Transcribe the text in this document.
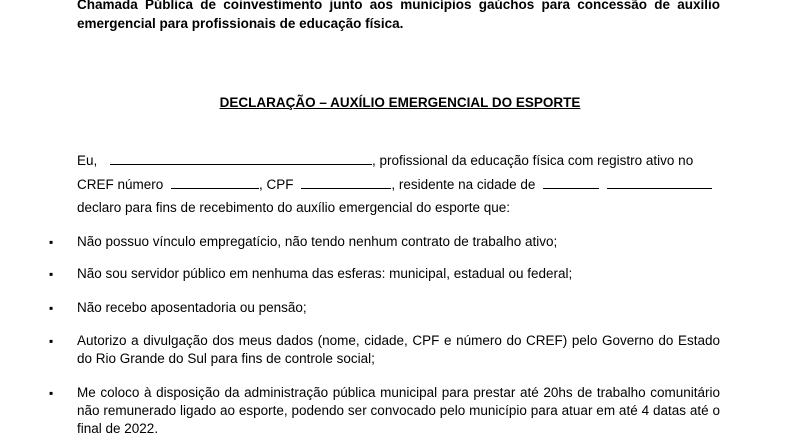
Chamada Pública de coinvestimento junto aos municípios gaúchos para concessão de auxílio emergencial para profissionais de educação física.
DECLARAÇÃO – AUXÍLIO EMERGENCIAL DO ESPORTE
Eu,	, profissional da educação física com registro ativo no
CREF número	, CPF	, residente na cidade de
declaro para fins de recebimento do auxílio emergencial do esporte que:
▪ Não possuo vínculo empregatício, não tendo nenhum contrato de trabalho ativo;
▪ Não sou servidor público em nenhuma das esferas: municipal, estadual ou federal;
▪ Não recebo aposentadoria ou pensão;
▪ Autorizo a divulgação dos meus dados (nome, cidade, CPF e número do CREF) pelo Governo do Estado do Rio Grande do Sul para fins de controle social;
▪ Me coloco à disposição da administração pública municipal para prestar até 20hs de trabalho comunitário não remunerado ligado ao esporte, podendo ser convocado pelo município para atuar em até 4 datas até o final de 2022.
